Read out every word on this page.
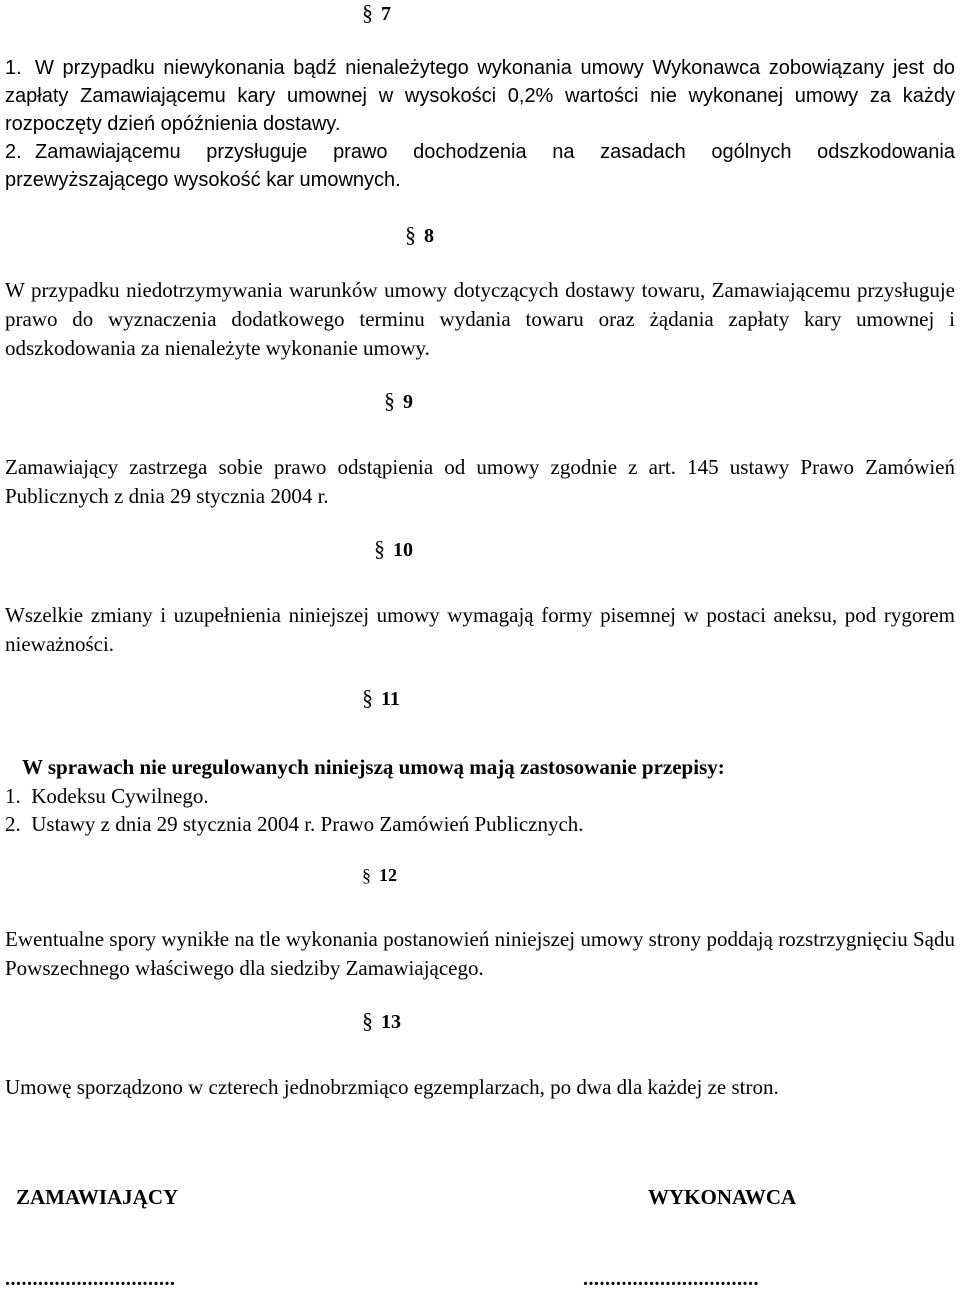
§ 7

1. W przypadku niewykonania bądź nienależytego wykonania umowy Wykonawca zobowiązany jest do zapłaty Zamawiającemu kary umownej w wysokości 0,2% wartości nie wykonanej umowy za każdy rozpoczęty dzień opóźnienia dostawy.

2. Zamawiającemu przysługuje prawo dochodzenia na zasadach ogólnych odszkodowania przewyższającego wysokość kar umownych.

§ 8

W przypadku niedotrzymywania warunków umowy dotyczących dostawy towaru, Zamawiającemu przysługuje prawo do wyznaczenia dodatkowego terminu wydania towaru oraz żądania zapłaty kary umownej i odszkodowania za nienależyte wykonanie umowy.

§ 9

Zamawiający zastrzega sobie prawo odstąpienia od umowy zgodnie z art. 145 ustawy Prawo Zamówień Publicznych z dnia 29 stycznia 2004 r.

§ 10

Wszelkie zmiany i uzupełnienia niniejszej umowy wymagają formy pisemnej w postaci aneksu, pod rygorem nieważności.

§ 11

W sprawach nie uregulowanych niniejszą umową mają zastosowanie przepisy:

1.  Kodeksu Cywilnego.

2.  Ustawy z dnia 29 stycznia 2004 r. Prawo Zamówień Publicznych.

§ 12

Ewentualne spory wynikłe na tle wykonania postanowień niniejszej umowy strony poddają rozstrzygnięciu Sądu Powszechnego właściwego dla siedziby Zamawiającego.

§ 13

Umowę sporządzono w czterech jednobrzmiąco egzemplarzach, po dwa dla każdej ze stron.

ZAMAWIAJĄCY	WYKONAWCA
...............................	................................
